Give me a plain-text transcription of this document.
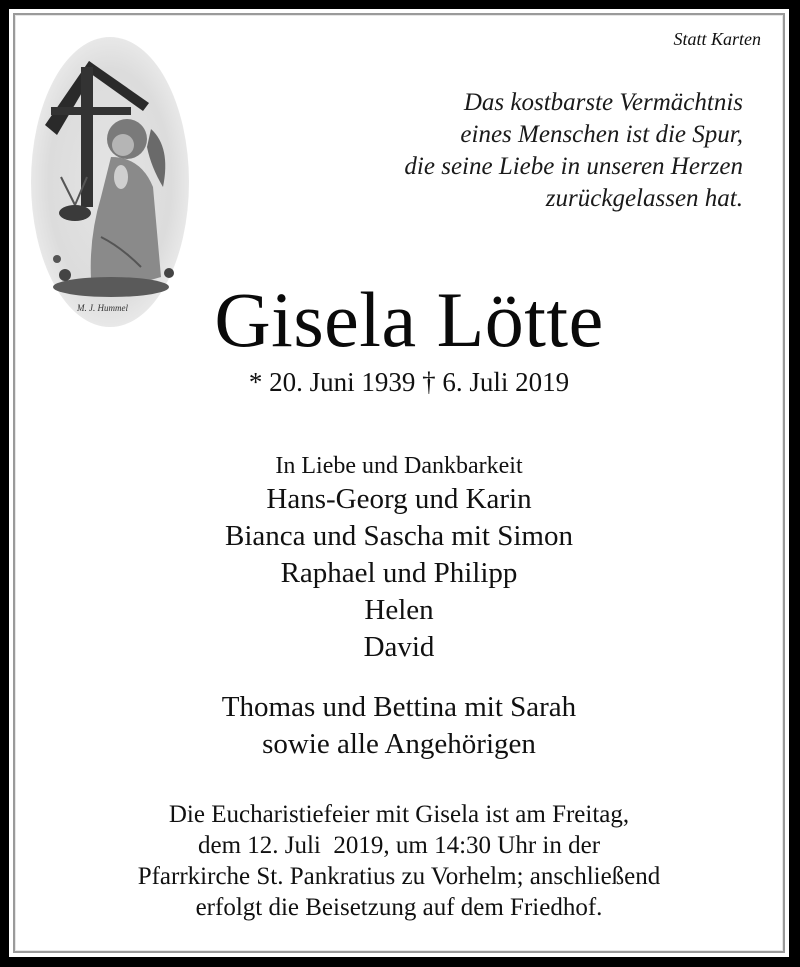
Statt Karten
M. J. Hummel
Das kostbarste Vermächtnis
eines Menschen ist die Spur,
die seine Liebe in unseren Herzen
zurückgelassen hat.
Gisela Lötte
* 20. Juni 1939 † 6. Juli 2019
In Liebe und Dankbarkeit
Hans-Georg und Karin
Bianca und Sascha mit Simon
Raphael und Philipp
Helen
David
Thomas und Bettina mit Sarah
sowie alle Angehörigen
Die Eucharistiefeier mit Gisela ist am Freitag,
dem 12. Juli  2019, um 14:30 Uhr in der
Pfarrkirche St. Pankratius zu Vorhelm; anschließend
erfolgt die Beisetzung auf dem Friedhof.
